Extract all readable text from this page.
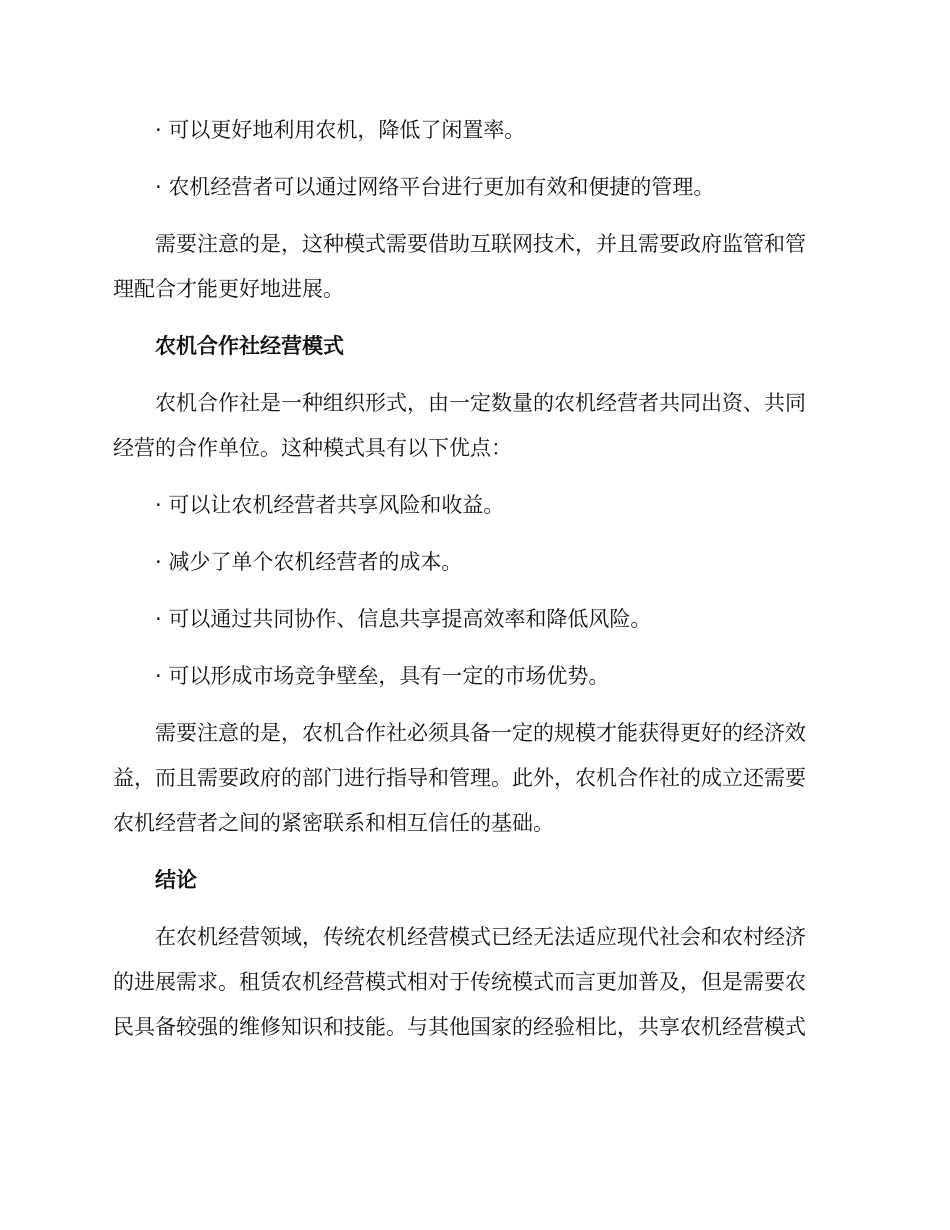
· 可以更好地利用农机，降低了闲置率。

· 农机经营者可以通过网络平台进行更加有效和便捷的管理。

需要注意的是，这种模式需要借助互联网技术，并且需要政府监管和管
理配合才能更好地进展。

农机合作社经营模式

农机合作社是一种组织形式，由一定数量的农机经营者共同出资、共同
经营的合作单位。这种模式具有以下优点：

· 可以让农机经营者共享风险和收益。

· 减少了单个农机经营者的成本。

· 可以通过共同协作、信息共享提高效率和降低风险。

· 可以形成市场竞争壁垒，具有一定的市场优势。

需要注意的是，农机合作社必须具备一定的规模才能获得更好的经济效
益，而且需要政府的部门进行指导和管理。此外，农机合作社的成立还需要
农机经营者之间的紧密联系和相互信任的基础。

结论

在农机经营领域，传统农机经营模式已经无法适应现代社会和农村经济
的进展需求。租赁农机经营模式相对于传统模式而言更加普及，但是需要农
民具备较强的维修知识和技能。与其他国家的经验相比，共享农机经营模式
